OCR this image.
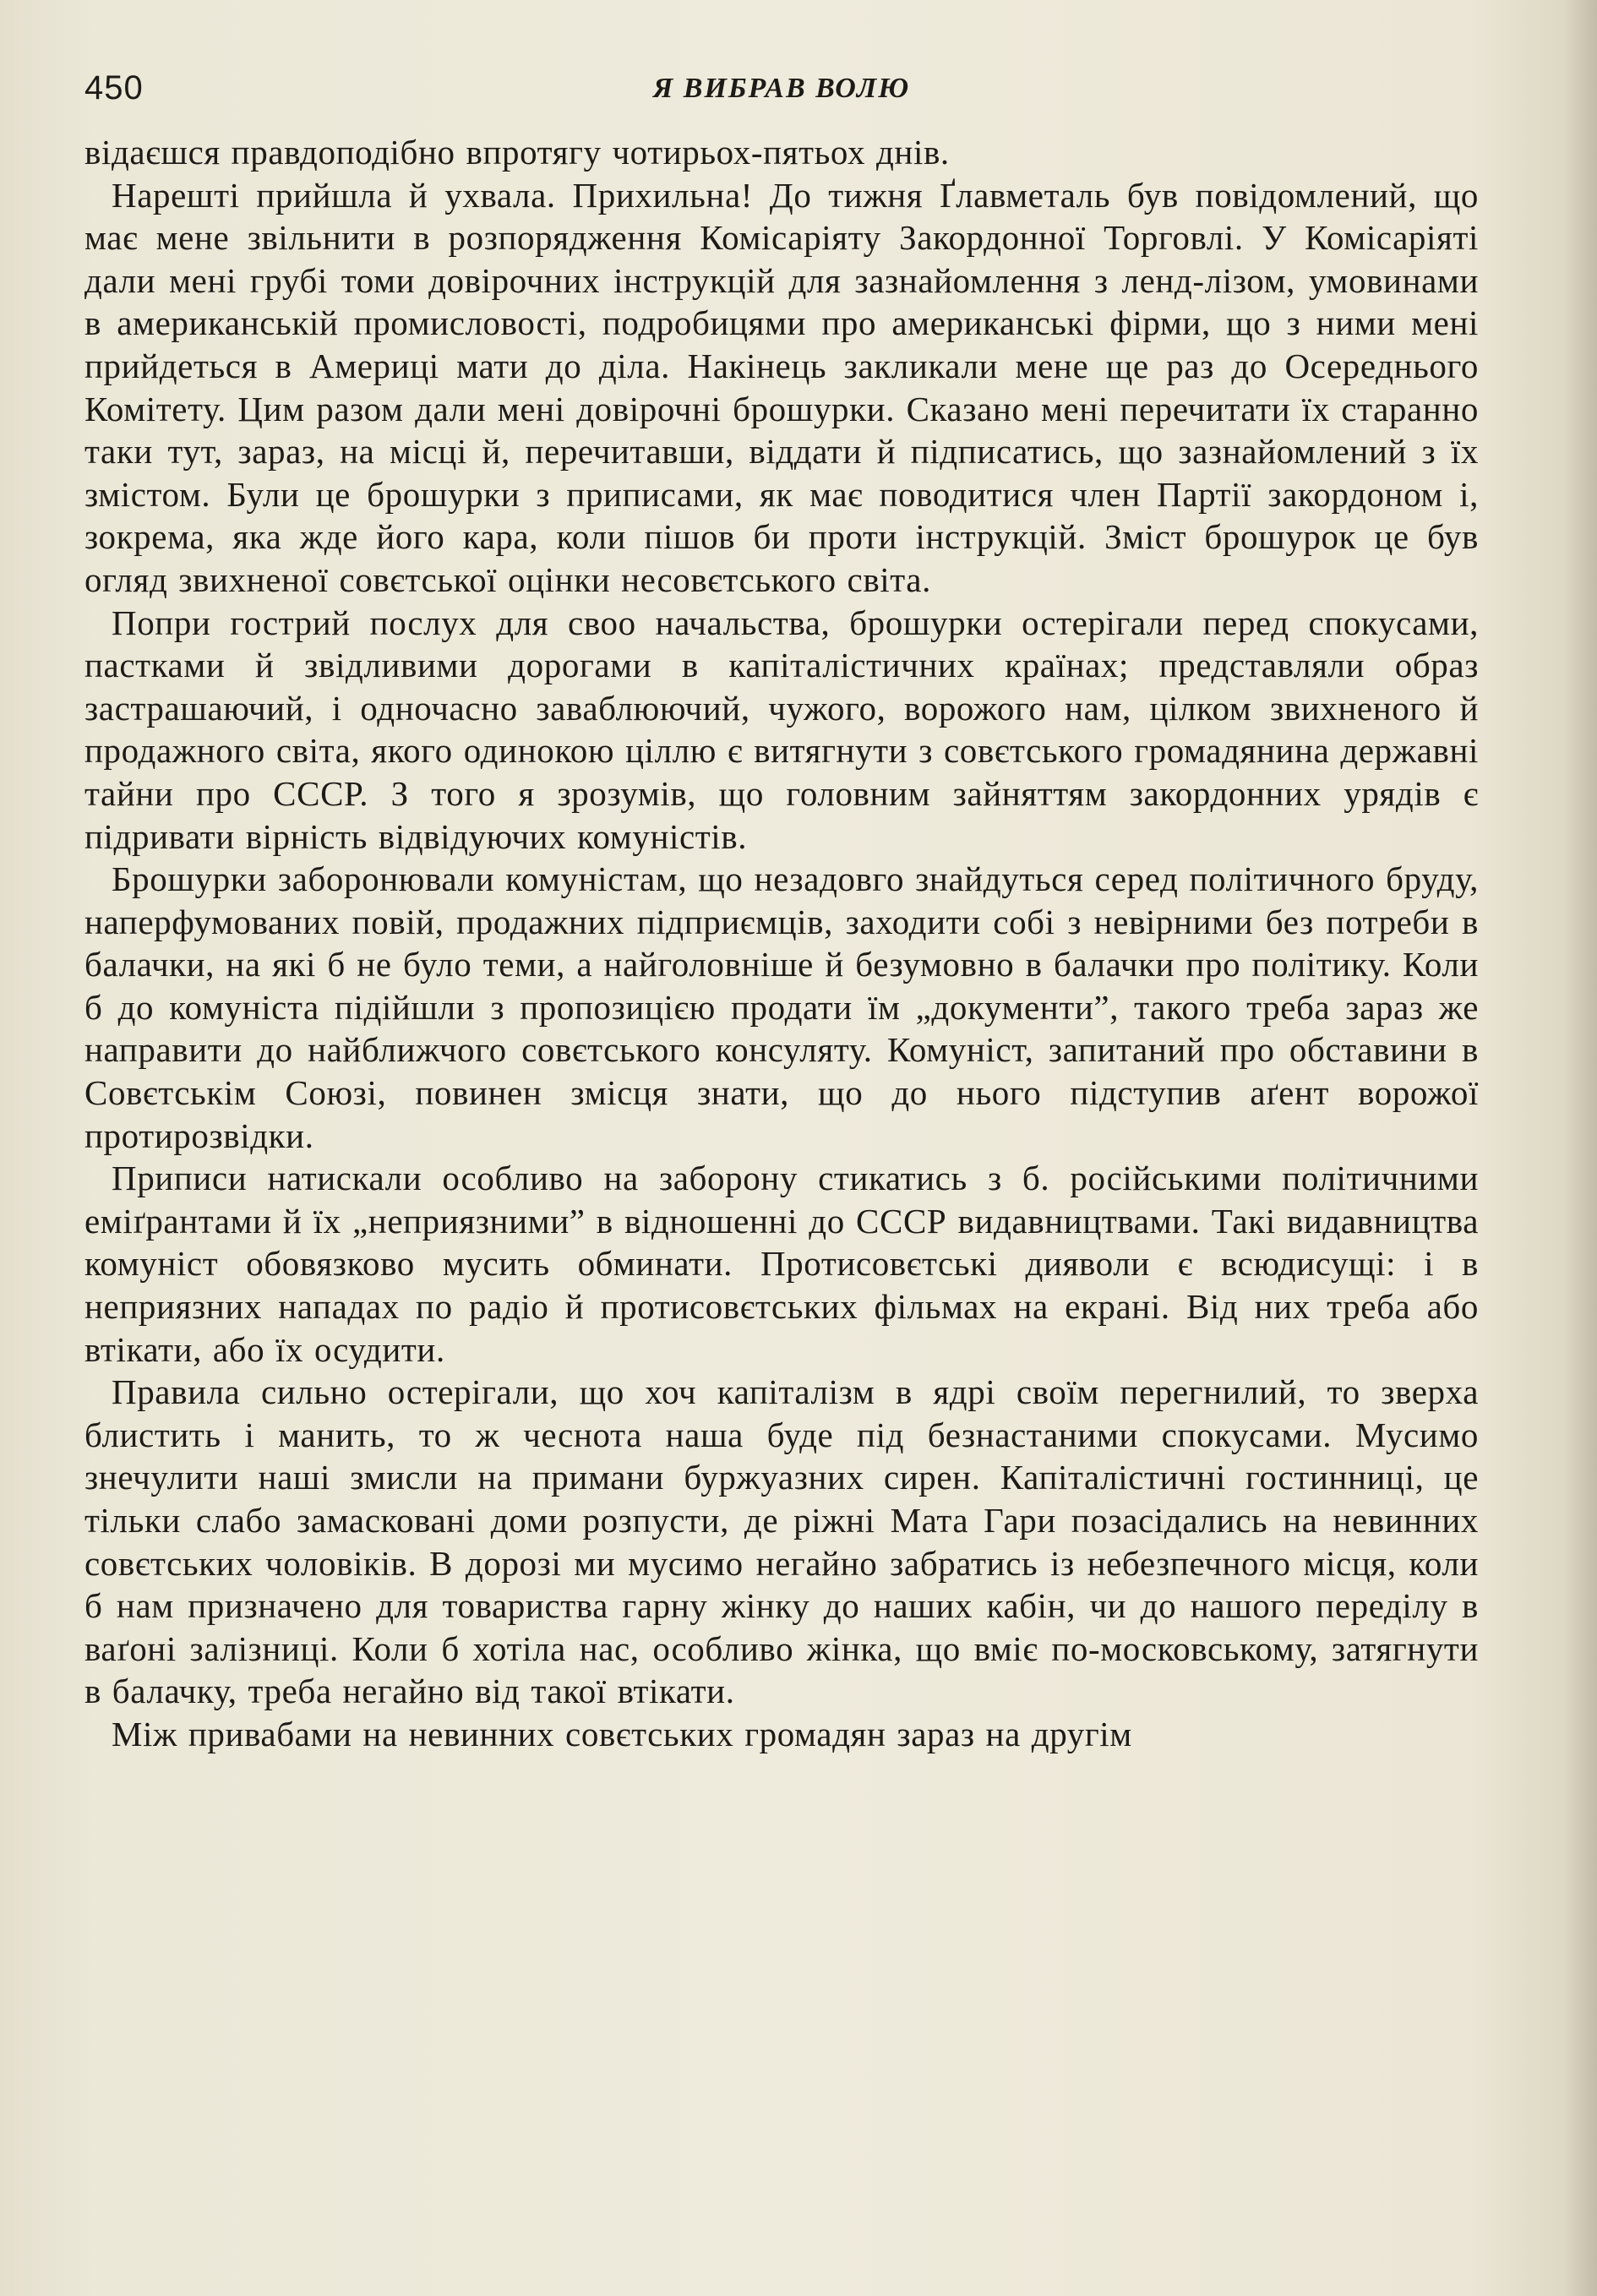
450	Я ВИБРАВ ВОЛЮ

відаєшся правдоподібно впротягу чотирьох-пятьох днів.

Нарешті прийшла й ухвала. Прихильна! До тижня Ґлавметаль був повідомлений, що має мене звільнити в розпорядження Комісаріяту Закордонної Торговлі. У Комісаріяті дали мені грубі томи довірочних інструкцій для зазнайомлення з ленд-лізом, умовинами в американській промисловості, подробицями про американські фірми, що з ними мені прийдеться в Америці мати до діла. Накінець закликали мене ще раз до Осереднього Комітету. Цим разом дали мені довірочні брошурки. Сказано мені перечитати їх старанно таки тут, зараз, на місці й, перечитавши, віддати й підписатись, що зазнайомлений з їх змістом. Були це брошурки з приписами, як має поводитися член Партії закордоном і, зокрема, яка жде його кара, коли пішов би проти інструкцій. Зміст брошурок це був огляд звихненої совєтської оцінки несовєтського світа.

Попри гострий послух для своо начальства, брошурки остерігали перед спокусами, пастками й звідливими дорогами в капіталістичних країнах; представляли образ застрашаючий, і одночасно заваблюючий, чужого, ворожого нам, цілком звихненого й продажного світа, якого одинокою ціллю є витягнути з совєтського громадянина державні тайни про СССР. З того я зрозумів, що головним зайняттям закордонних урядів є підривати вірність відвідуючих комуністів.

Брошурки заборонювали комуністам, що незадовго знайдуться серед політичного бруду, наперфумованих повій, продажних підприємців, заходити собі з невірними без потреби в балачки, на які б не було теми, а найголовніше й безумовно в балачки про політику. Коли б до комуніста підійшли з пропозицією продати їм „документи”, такого треба зараз же направити до найближчого совєтського консуляту. Комуніст, запитаний про обставини в Совєтськім Союзі, повинен змісця знати, що до нього підступив аґент ворожої протирозвідки.

Приписи натискали особливо на заборону стикатись з б. російськими політичними еміґрантами й їх „неприязними” в відношенні до СССР видавництвами. Такі видавництва комуніст обовязково мусить обминати. Протисовєтські дияволи є всюдисущі: і в неприязних нападах по радіо й протисовєтських фільмах на екрані. Від них треба або втікати, або їх осудити.

Правила сильно остерігали, що хоч капіталізм в ядрі своїм перегнилий, то зверха блистить і манить, то ж чеснота наша буде під безнастаними спокусами. Мусимо знечулити наші змисли на примани буржуазних сирен. Капіталістичні гостинниці, це тільки слабо замасковані доми розпусти, де ріжні Мата Гари позасідались на невинних совєтських чоловіків. В дорозі ми мусимо негайно забратись із небезпечного місця, коли б нам призначено для товариства гарну жінку до наших кабін, чи до нашого переділу в ваґоні залізниці. Коли б хотіла нас, особливо жінка, що вміє по-московському, затягнути в балачку, треба негайно від такої втікати.

Між привабами на невинних совєтських громадян зараз на другім
